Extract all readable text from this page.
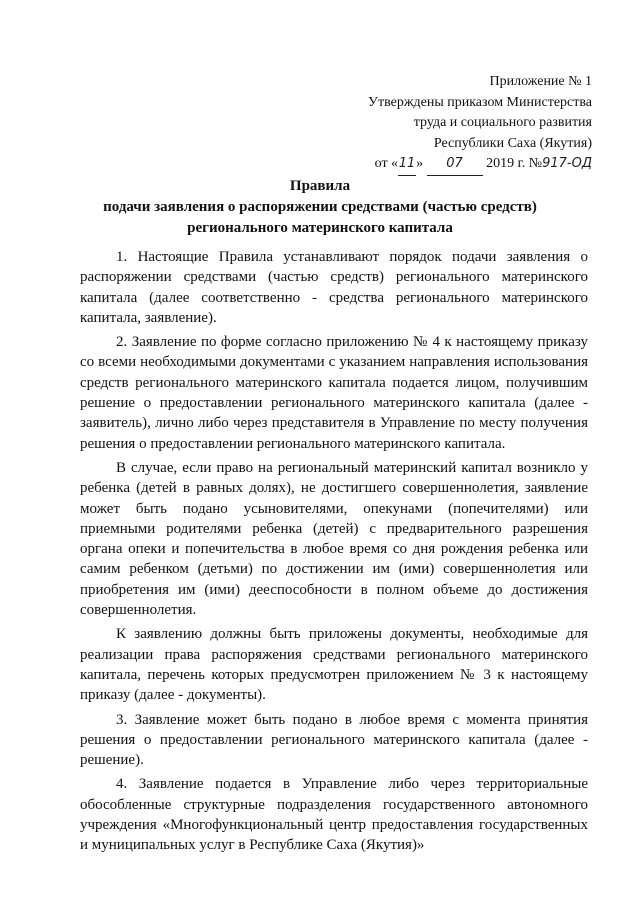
Приложение № 1
Утверждены приказом Министерства
труда и социального развития
Республики Саха (Якутия)
от «11» 07 2019 г. №917-ОД
Правила
подачи заявления о распоряжении средствами (частью средств)
регионального материнского капитала

1. Настоящие Правила устанавливают порядок подачи заявления о распоряжении средствами (частью средств) регионального материнского капитала (далее соответственно - средства регионального материнского капитала, заявление).

2. Заявление по форме согласно приложению № 4 к настоящему приказу со всеми необходимыми документами с указанием направления использования средств регионального материнского капитала подается лицом, получившим решение о предоставлении регионального материнского капитала (далее - заявитель), лично либо через представителя в Управление по месту получения решения о предоставлении регионального материнского капитала.

В случае, если право на региональный материнский капитал возникло у ребенка (детей в равных долях), не достигшего совершеннолетия, заявление может быть подано усыновителями, опекунами (попечителями) или приемными родителями ребенка (детей) с предварительного разрешения органа опеки и попечительства в любое время со дня рождения ребенка или самим ребенком (детьми) по достижении им (ими) совершеннолетия или приобретения им (ими) дееспособности в полном объеме до достижения совершеннолетия.

К заявлению должны быть приложены документы, необходимые для реализации права распоряжения средствами регионального материнского капитала, перечень которых предусмотрен приложением № 3 к настоящему приказу (далее - документы).

3. Заявление может быть подано в любое время с момента принятия решения о предоставлении регионального материнского капитала (далее - решение).

4. Заявление подается в Управление либо через территориальные обособленные структурные подразделения государственного автономного учреждения «Многофункциональный центр предоставления государственных и муниципальных услуг в Республике Саха (Якутия)»
